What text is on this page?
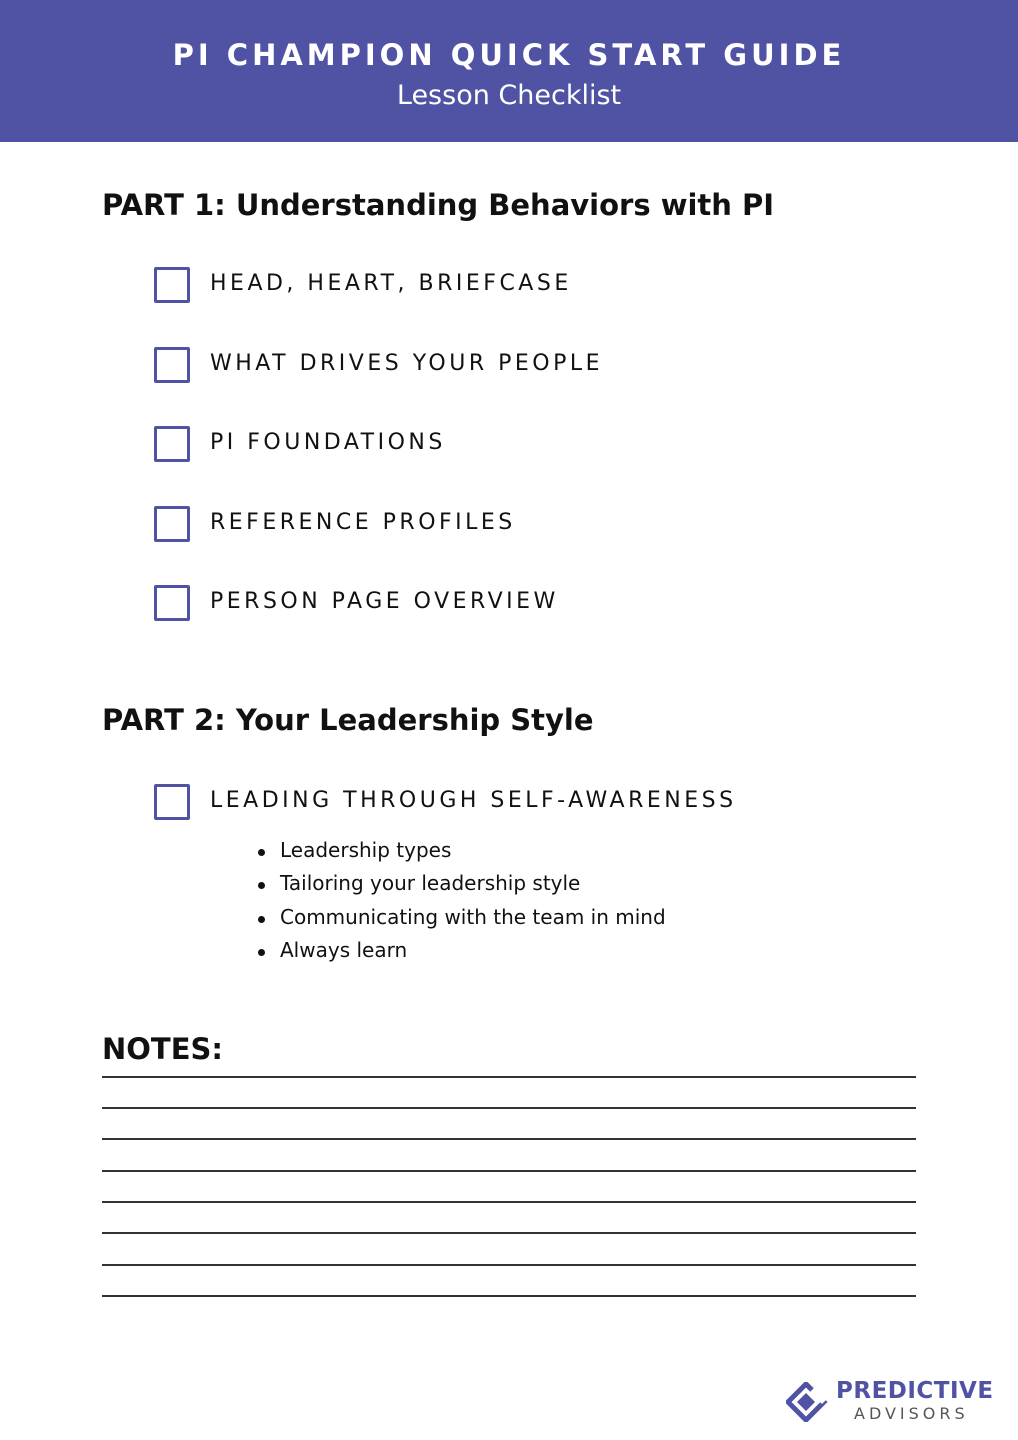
PI CHAMPION QUICK START GUIDE
Lesson Checklist
PART 1: Understanding Behaviors with PI
HEAD, HEART, BRIEFCASE
WHAT DRIVES YOUR PEOPLE
PI FOUNDATIONS
REFERENCE PROFILES
PERSON PAGE OVERVIEW
PART 2: Your Leadership Style
LEADING THROUGH SELF-AWARENESS
Leadership types
Tailoring your leadership style
Communicating with the team in mind
Always learn
NOTES:
PREDICTIVE
ADVISORS
